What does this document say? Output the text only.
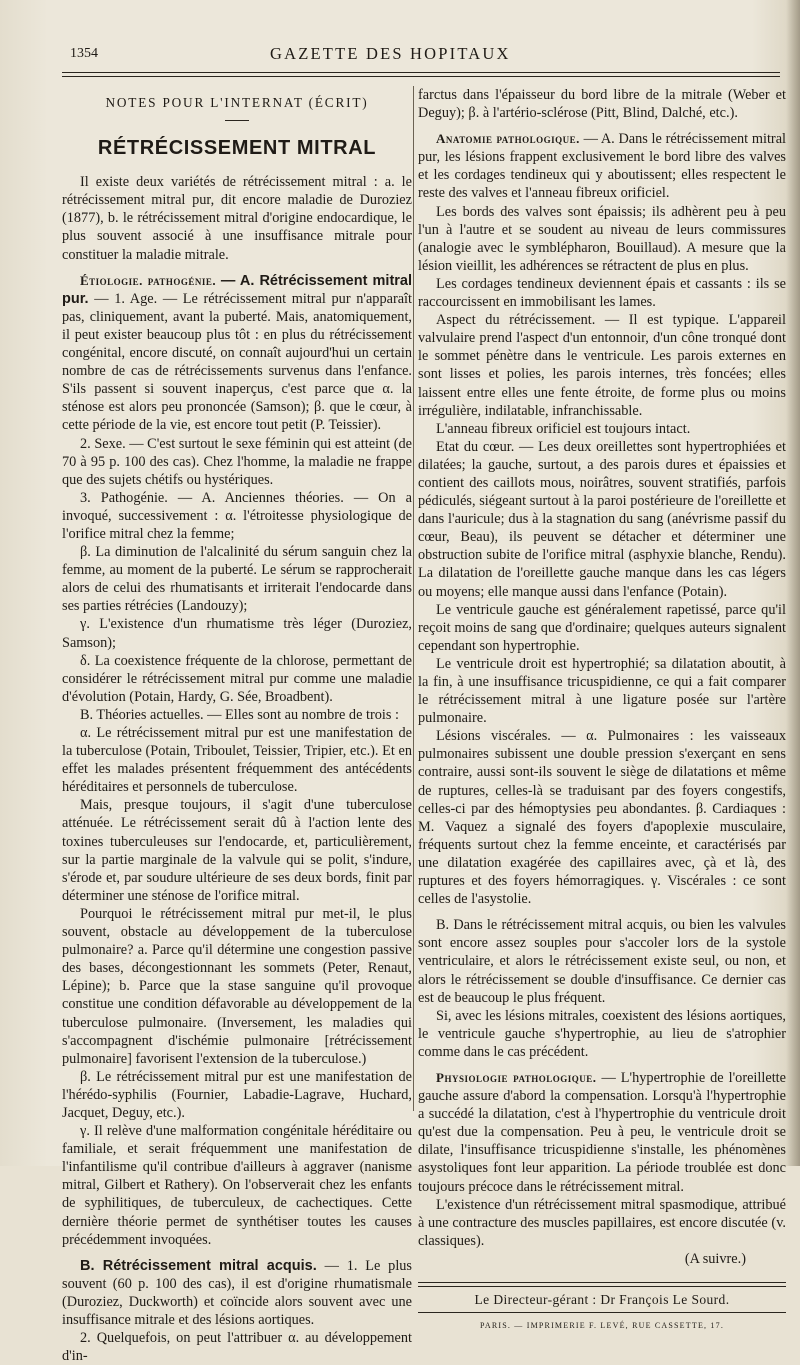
1354	GAZETTE DES HOPITAUX

NOTES POUR L'INTERNAT (ÉCRIT)

RÉTRÉCISSEMENT MITRAL

Il existe deux variétés de rétrécissement mitral : a. le rétrécissement mitral pur, dit encore maladie de Duroziez (1877), b. le rétrécissement mitral d'origine endocardique, le plus souvent associé à une insuffisance mitrale pour constituer la maladie mitrale.

Étiologie. pathogénie. — A. Rétrécissement mitral pur. — 1. Age. — Le rétrécissement mitral pur n'apparaît pas, cliniquement, avant la puberté. Mais, anatomiquement, il peut exister beaucoup plus tôt : en plus du rétrécissement congénital, encore discuté, on connaît aujourd'hui un certain nombre de cas de rétrécissements survenus dans l'enfance. S'ils passent si souvent inaperçus, c'est parce que α. la sténose est alors peu prononcée (Samson); β. que le cœur, à cette période de la vie, est encore tout petit (P. Teissier).

2. Sexe. — C'est surtout le sexe féminin qui est atteint (de 70 à 95 p. 100 des cas). Chez l'homme, la maladie ne frappe que des sujets chétifs ou hystériques.

3. Pathogénie. — A. Anciennes théories. — On a invoqué, successivement : α. l'étroitesse physiologique de l'orifice mitral chez la femme;

β. La diminution de l'alcalinité du sérum sanguin chez la femme, au moment de la puberté. Le sérum se rapprocherait alors de celui des rhumatisants et irriterait l'endocarde dans ses parties rétrécies (Landouzy);

γ. L'existence d'un rhumatisme très léger (Duroziez, Samson);

δ. La coexistence fréquente de la chlorose, permettant de considérer le rétrécissement mitral pur comme une maladie d'évolution (Potain, Hardy, G. Sée, Broadbent).

B. Théories actuelles. — Elles sont au nombre de trois :

α. Le rétrécissement mitral pur est une manifestation de la tuberculose (Potain, Triboulet, Teissier, Tripier, etc.). Et en effet les malades présentent fréquemment des antécédents héréditaires et personnels de tuberculose.

Mais, presque toujours, il s'agit d'une tuberculose atténuée. Le rétrécissement serait dû à l'action lente des toxines tuberculeuses sur l'endocarde, et, particulièrement, sur la partie marginale de la valvule qui se polit, s'indure, s'érode et, par soudure ultérieure de ses deux bords, finit par déterminer une sténose de l'orifice mitral.

Pourquoi le rétrécissement mitral pur met-il, le plus souvent, obstacle au développement de la tuberculose pulmonaire? a. Parce qu'il détermine une congestion passive des bases, décongestionnant les sommets (Peter, Renaut, Lépine); b. Parce que la stase sanguine qu'il provoque constitue une condition défavorable au développement de la tuberculose pulmonaire. (Inversement, les maladies qui s'accompagnent d'ischémie pulmonaire [rétrécissement pulmonaire] favorisent l'extension de la tuberculose.)

β. Le rétrécissement mitral pur est une manifestation de l'hérédo-syphilis (Fournier, Labadie-Lagrave, Huchard, Jacquet, Deguy, etc.).

γ. Il relève d'une malformation congénitale héréditaire ou familiale, et serait fréquemment une manifestation de l'infantilisme qu'il contribue d'ailleurs à aggraver (nanisme mitral, Gilbert et Rathery). On l'observerait chez les enfants de syphilitiques, de tuberculeux, de cachectiques. Cette dernière théorie permet de synthétiser toutes les causes précédemment invoquées.

B. Rétrécissement mitral acquis. — 1. Le plus souvent (60 p. 100 des cas), il est d'origine rhumatismale (Duroziez, Duckworth) et coïncide alors souvent avec une insuffisance mitrale et des lésions aortiques.

2. Quelquefois, on peut l'attribuer α. au développement d'in-

farctus dans l'épaisseur du bord libre de la mitrale (Weber et Deguy); β. à l'artério-sclérose (Pitt, Blind, Dalché, etc.).

Anatomie pathologique. — A. Dans le rétrécissement mitral pur, les lésions frappent exclusivement le bord libre des valves et les cordages tendineux qui y aboutissent; elles respectent le reste des valves et l'anneau fibreux orificiel.

Les bords des valves sont épaissis; ils adhèrent peu à peu l'un à l'autre et se soudent au niveau de leurs commissures (analogie avec le symblépharon, Bouillaud). A mesure que la lésion vieillit, les adhérences se rétractent de plus en plus.

Les cordages tendineux deviennent épais et cassants : ils se raccourcissent en immobilisant les lames.

Aspect du rétrécissement. — Il est typique. L'appareil valvulaire prend l'aspect d'un entonnoir, d'un cône tronqué dont le sommet pénètre dans le ventricule. Les parois externes en sont lisses et polies, les parois internes, très foncées; elles laissent entre elles une fente étroite, de forme plus ou moins irrégulière, indilatable, infranchissable.

L'anneau fibreux orificiel est toujours intact.

Etat du cœur. — Les deux oreillettes sont hypertrophiées et dilatées; la gauche, surtout, a des parois dures et épaissies et contient des caillots mous, noirâtres, souvent stratifiés, parfois pédiculés, siégeant surtout à la paroi postérieure de l'oreillette et dans l'auricule; dus à la stagnation du sang (anévrisme passif du cœur, Beau), ils peuvent se détacher et déterminer une obstruction subite de l'orifice mitral (asphyxie blanche, Rendu). La dilatation de l'oreillette gauche manque dans les cas légers ou moyens; elle manque aussi dans l'enfance (Potain).

Le ventricule gauche est généralement rapetissé, parce qu'il reçoit moins de sang que d'ordinaire; quelques auteurs signalent cependant son hypertrophie.

Le ventricule droit est hypertrophié; sa dilatation aboutit, à la fin, à une insuffisance tricuspidienne, ce qui a fait comparer le rétrécissement mitral à une ligature posée sur l'artère pulmonaire.

Lésions viscérales. — α. Pulmonaires : les vaisseaux pulmonaires subissent une double pression s'exerçant en sens contraire, aussi sont-ils souvent le siège de dilatations et même de ruptures, celles-là se traduisant par des foyers congestifs, celles-ci par des hémoptysies peu abondantes. β. Cardiaques : M. Vaquez a signalé des foyers d'apoplexie musculaire, fréquents surtout chez la femme enceinte, et caractérisés par une dilatation exagérée des capillaires avec, çà et là, des ruptures et des foyers hémorragiques. γ. Viscérales : ce sont celles de l'asystolie.

B. Dans le rétrécissement mitral acquis, ou bien les valvules sont encore assez souples pour s'accoler lors de la systole ventriculaire, et alors le rétrécissement existe seul, ou non, et alors le rétrécissement se double d'insuffisance. Ce dernier cas est de beaucoup le plus fréquent.

Si, avec les lésions mitrales, coexistent des lésions aortiques, le ventricule gauche s'hypertrophie, au lieu de s'atrophier comme dans le cas précédent.

Physiologie pathologique. — L'hypertrophie de l'oreillette gauche assure d'abord la compensation. Lorsqu'à l'hypertrophie a succédé la dilatation, c'est à l'hypertrophie du ventricule droit qu'est due la compensation. Peu à peu, le ventricule droit se dilate, l'insuffisance tricuspidienne s'installe, les phénomènes asystoliques font leur apparition. La période troublée est donc toujours précoce dans le rétrécissement mitral.

L'existence d'un rétrécissement mitral spasmodique, attribué à une contracture des muscles papillaires, est encore discutée (v. classiques).

(A suivre.)

Le Directeur-gérant : Dr François Le Sourd.

PARIS. — IMPRIMERIE F. LEVÉ, RUE CASSETTE, 17.
